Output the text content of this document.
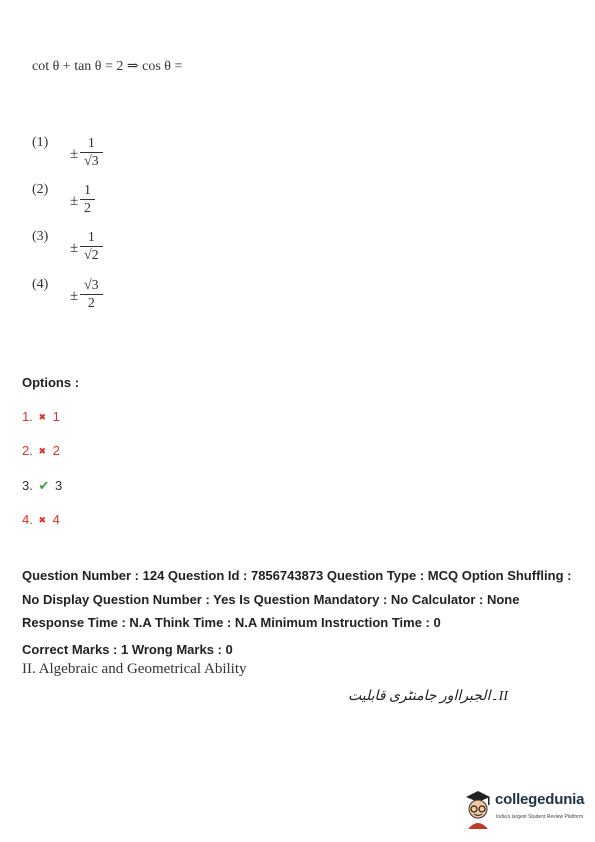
cot θ + tan θ = 2 ⇒ cos θ =
(1)
±
1
√3
(2)
±
1
2
(3)
±
1
√2
(4)
±
√3
2
Options :
1. ✖ 1
2. ✖ 2
3. ✔ 3
4. ✖ 4
Question Number : 124 Question Id : 7856743873 Question Type : MCQ Option Shuffling : No Display Question Number : Yes Is Question Mandatory : No Calculator : None Response Time : N.A Think Time : N.A Minimum Instruction Time : 0
Correct Marks : 1 Wrong Marks : 0
II. Algebraic and Geometrical Ability
II۔الجبرااور جامنٹری قابلیت
collegedunia
India's largest Student Review Platform
